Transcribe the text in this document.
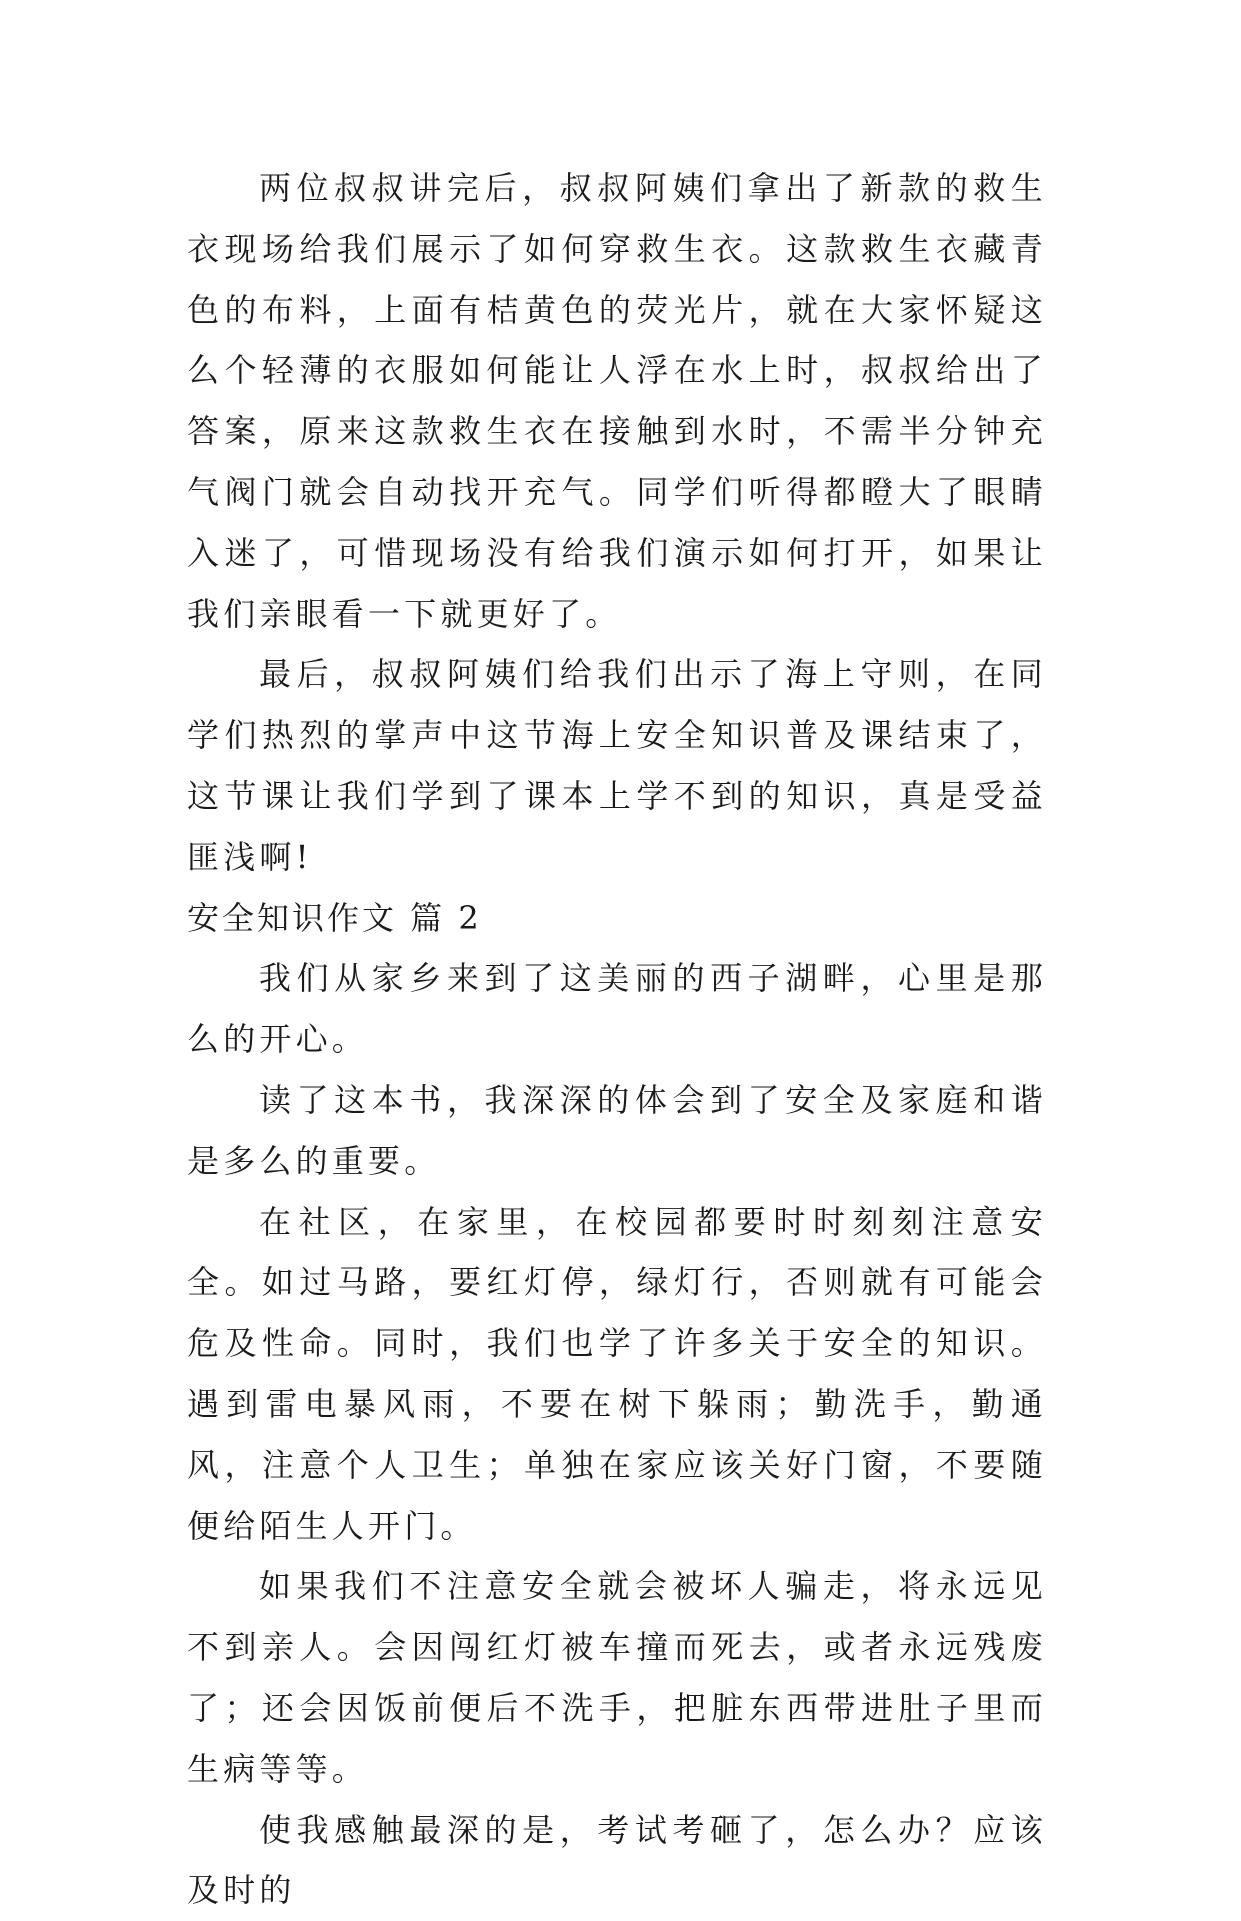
两位叔叔讲完后，叔叔阿姨们拿出了新款的救生衣现场给我们展示了如何穿救生衣。这款救生衣藏青色的布料，上面有桔黄色的荧光片，就在大家怀疑这么个轻薄的衣服如何能让人浮在水上时，叔叔给出了答案，原来这款救生衣在接触到水时，不需半分钟充气阀门就会自动找开充气。同学们听得都瞪大了眼睛入迷了，可惜现场没有给我们演示如何打开，如果让我们亲眼看一下就更好了。

最后，叔叔阿姨们给我们出示了海上守则，在同学们热烈的掌声中这节海上安全知识普及课结束了，这节课让我们学到了课本上学不到的知识，真是受益匪浅啊!

安全知识作文 篇 2

我们从家乡来到了这美丽的西子湖畔，心里是那么的开心。

读了这本书，我深深的体会到了安全及家庭和谐是多么的重要。

在社区，在家里，在校园都要时时刻刻注意安全。如过马路，要红灯停，绿灯行，否则就有可能会危及性命。同时，我们也学了许多关于安全的知识。遇到雷电暴风雨，不要在树下躲雨；勤洗手，勤通风，注意个人卫生；单独在家应该关好门窗，不要随便给陌生人开门。

如果我们不注意安全就会被坏人骗走，将永远见不到亲人。会因闯红灯被车撞而死去，或者永远残废了；还会因饭前便后不洗手，把脏东西带进肚子里而生病等等。

使我感触最深的是，考试考砸了，怎么办？应该及时的
